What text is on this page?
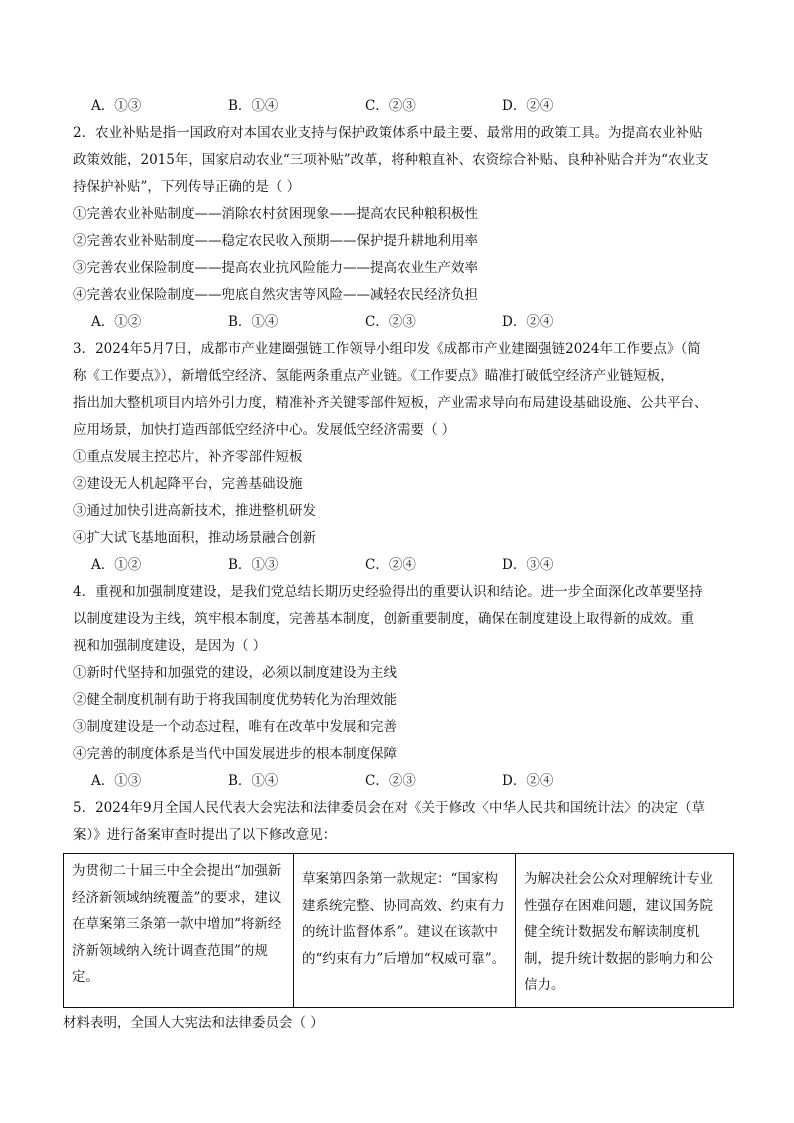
A．①③	B．①④	C．②③	D．②④
2．农业补贴是指一国政府对本国农业支持与保护政策体系中最主要、最常用的政策工具。为提高农业补贴
政策效能，2015年，国家启动农业“三项补贴”改革，将种粮直补、农资综合补贴、良种补贴合并为“农业支
持保护补贴”，下列传导正确的是（ ）
①完善农业补贴制度——消除农村贫困现象——提高农民种粮积极性
②完善农业补贴制度——稳定农民收入预期——保护提升耕地利用率
③完善农业保险制度——提高农业抗风险能力——提高农业生产效率
④完善农业保险制度——兜底自然灾害等风险——减轻农民经济负担
A．①②	B．①④	C．②③	D．②④
3．2024年5月7日，成都市产业建圈强链工作领导小组印发《成都市产业建圈强链2024年工作要点》（简
称《工作要点》），新增低空经济、氢能两条重点产业链。《工作要点》瞄准打破低空经济产业链短板，
指出加大整机项目内培外引力度，精准补齐关键零部件短板，产业需求导向布局建设基础设施、公共平台、
应用场景，加快打造西部低空经济中心。发展低空经济需要（ ）
①重点发展主控芯片，补齐零部件短板
②建设无人机起降平台，完善基础设施
③通过加快引进高新技术，推进整机研发
④扩大试飞基地面积，推动场景融合创新
A．①②	B．①③	C．②④	D．③④
4．重视和加强制度建设，是我们党总结长期历史经验得出的重要认识和结论。进一步全面深化改革要坚持
以制度建设为主线，筑牢根本制度，完善基本制度，创新重要制度，确保在制度建设上取得新的成效。重
视和加强制度建设，是因为（ ）
①新时代坚持和加强党的建设，必须以制度建设为主线
②健全制度机制有助于将我国制度优势转化为治理效能
③制度建设是一个动态过程，唯有在改革中发展和完善
④完善的制度体系是当代中国发展进步的根本制度保障
A．①③	B．①④	C．②③	D．②④
5．2024年9月全国人民代表大会宪法和法律委员会在对《关于修改〈中华人民共和国统计法〉的决定（草
案）》进行备案审查时提出了以下修改意见：
为贯彻二十届三中全会提出“加强新经济新领域纳统覆盖”的要求，建议在草案第三条第一款中增加“将新经济新领域纳入统计调查范围”的规定。	草案第四条第一款规定：“国家构建系统完整、协同高效、约束有力的统计监督体系”。建议在该款中的“约束有力”后增加“权威可靠”。	为解决社会公众对理解统计专业性强存在困难问题，建议国务院健全统计数据发布解读制度机制，提升统计数据的影响力和公信力。
材料表明，全国人大宪法和法律委员会（ ）
